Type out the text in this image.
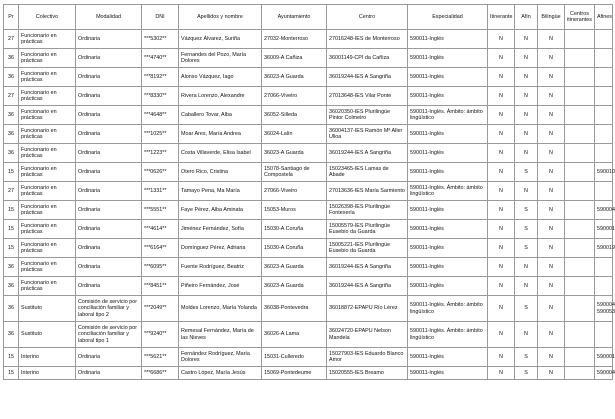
Pr	Colectivo	Modalidad	DNI	Apellidos y nombre	Ayuntamiento	Centro	Especialidad	Itinerante	Afín	Bilingüe	Centros itinerantes	Afines
27	Funcionario en prácticas	Ordinaria	***5302**	Vázquez Álvarez, Suriña	27032-Monterroso	27016248-IES de Monterroso	590011-Inglés	N	N	N		
36	Funcionario en prácticas	Ordinaria	***4740**	Fernandes del Pozo, María Dolores	36009-A Cañiza	36001149-CPI da Cañiza	590011-Inglés	N	N	N		
36	Funcionario en prácticas	Ordinaria	***8192**	Alonso Vázquez, Iago	36023-A Guarda	36019244-IES A Sangriña	590011-Inglés	N	N	N		
27	Funcionario en prácticas	Ordinaria	***8330**	Rivera Lorenzo, Alexandre	27066-Viveiro	27013648-IES Vilar Ponte	590011-Inglés	N	N	N		
36	Funcionario en prácticas	Ordinaria	***4648**	Caballero Tovar, Alba	36052-Silleda	36020350-IES Plurilingüe Pintor Colmeiro	590011-Inglés. Ámbito: ámbito lingüístico	N	N	N		
36	Funcionario en prácticas	Ordinaria	***1025**	Moar Ares, María Andrea	36024-Lalín	36004137-IES Ramón Mª Aller Ulloa	590011-Inglés	N	N	N		
36	Funcionario en prácticas	Ordinaria	***1223**	Costa Villaverde, Elisa Isabel	36023-A Guarda	36019244-IES A Sangriña	590011-Inglés	N	N	N		
15	Funcionario en prácticas	Ordinaria	***0626**	Otero Rico, Cristina	15078-Santiago de Compostela	15023465-IES Lamas de Abade	590011-Inglés	N	S	N		590010
27	Funcionario en prácticas	Ordinaria	***1331**	Tamayo Pena, Ma María	27066-Viveiro	27013636-IES María Sarmiento	590011-Inglés. Ámbito: ámbito lingüístico	N	N	N		
15	Funcionario en prácticas	Ordinaria	***5551**	Faye Pérez, Alba Aminata	15053-Muros	15026398-IES Plurilingüe Fontexería	590011-Inglés	N	S	N		590004
15	Funcionario en prácticas	Ordinaria	***4614**	Jiménez Fernández, Sofía	15030-A Coruña	15005579-IES Plurilingüe Eusebio da Guarda	590011-Inglés	N	S	N		590001
15	Funcionario en prácticas	Ordinaria	***6164**	Domínguez Pérez, Adriana	15030-A Coruña	15005221-IES Plurilingüe Eusebio da Guarda	590011-Inglés	N	S	N		590019
36	Funcionario en prácticas	Ordinaria	***6095**	Fuente Rodríguez, Beatriz	36023-A Guarda	36019244-IES A Sangriña	590011-Inglés	N	N	N		
36	Funcionario en prácticas	Ordinaria	***8451**	Piñeiro Fernández, José	36023-A Guarda	36019244-IES A Sangriña	590011-Inglés	N	N	N		
36	Sustituto	Comisión de servicio por conciliación familiar y laboral tipo 2	***2049**	Moldes Lorenzo, María Yolanda	36038-Pontevedra	36018872-EPAPU Río Lérez	590011-Inglés. Ámbito: ámbito lingüístico	N	S	N		590004 590053
36	Sustituto	Comisión de servicio por conciliación familiar y laboral tipo 1	***9240**	Remesal Fernández, María de las Nieves	36026-A Lama	36024720-EPAPU Nelson Mandela	590011-Inglés. Ámbito: ámbito lingüístico	N	N	N		
15	Interino	Ordinaria	***5621**	Fernández Rodríguez, María Dolores	15031-Culleredo	15027903-IES Eduardo Blanco Amor	590011-Inglés	N	S	N		590001
15	Interino	Ordinaria	***6686**	Castro López, María Jesús	15069-Pontedeume	15020555-IES Breamo	590011-Inglés	N	S	N		590004
